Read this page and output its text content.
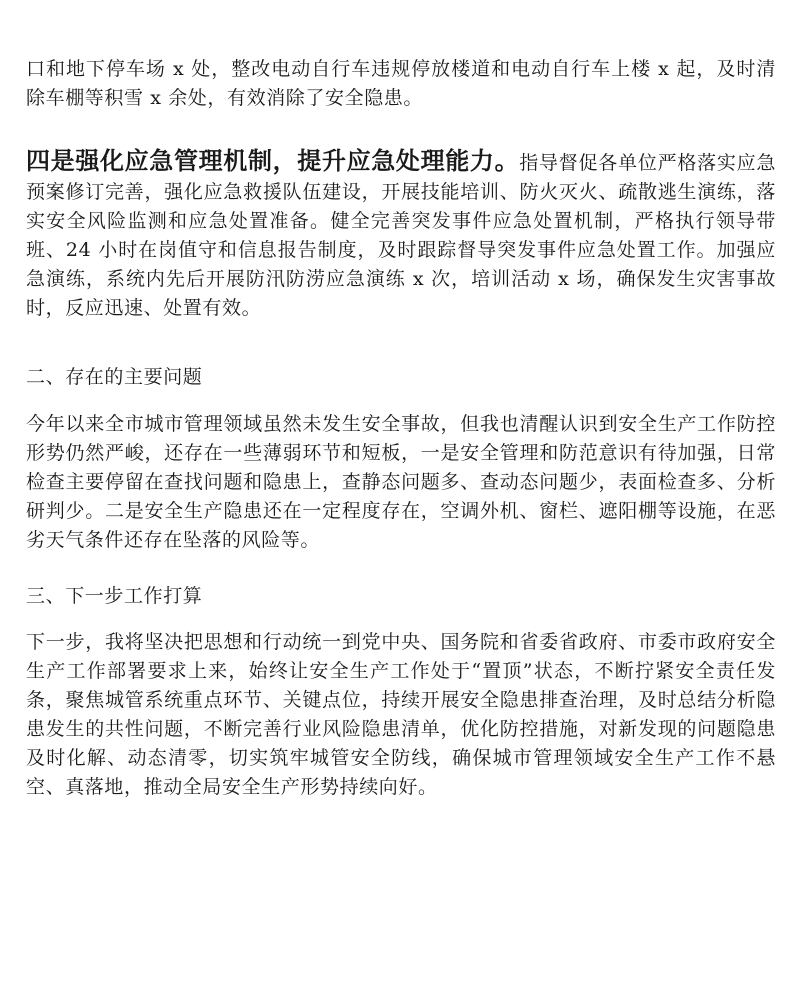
口和地下停车场 x 处，整改电动自行车违规停放楼道和电动自行车上楼 x 起，及时清除车棚等积雪 x 余处，有效消除了安全隐患。

四是强化应急管理机制，提升应急处理能力。指导督促各单位严格落实应急预案修订完善，强化应急救援队伍建设，开展技能培训、防火灭火、疏散逃生演练，落实安全风险监测和应急处置准备。健全完善突发事件应急处置机制，严格执行领导带班、24 小时在岗值守和信息报告制度，及时跟踪督导突发事件应急处置工作。加强应急演练，系统内先后开展防汛防涝应急演练 x 次，培训活动 x 场，确保发生灾害事故时，反应迅速、处置有效。

二、存在的主要问题

今年以来全市城市管理领域虽然未发生安全事故，但我也清醒认识到安全生产工作防控形势仍然严峻，还存在一些薄弱环节和短板，一是安全管理和防范意识有待加强，日常检查主要停留在查找问题和隐患上，查静态问题多、查动态问题少，表面检查多、分析研判少。二是安全生产隐患还在一定程度存在，空调外机、窗栏、遮阳棚等设施，在恶劣天气条件还存在坠落的风险等。

三、下一步工作打算

下一步，我将坚决把思想和行动统一到党中央、国务院和省委省政府、市委市政府安全生产工作部署要求上来，始终让安全生产工作处于“置顶”状态，不断拧紧安全责任发条，聚焦城管系统重点环节、关键点位，持续开展安全隐患排查治理，及时总结分析隐患发生的共性问题，不断完善行业风险隐患清单，优化防控措施，对新发现的问题隐患及时化解、动态清零，切实筑牢城管安全防线，确保城市管理领域安全生产工作不悬空、真落地，推动全局安全生产形势持续向好。
